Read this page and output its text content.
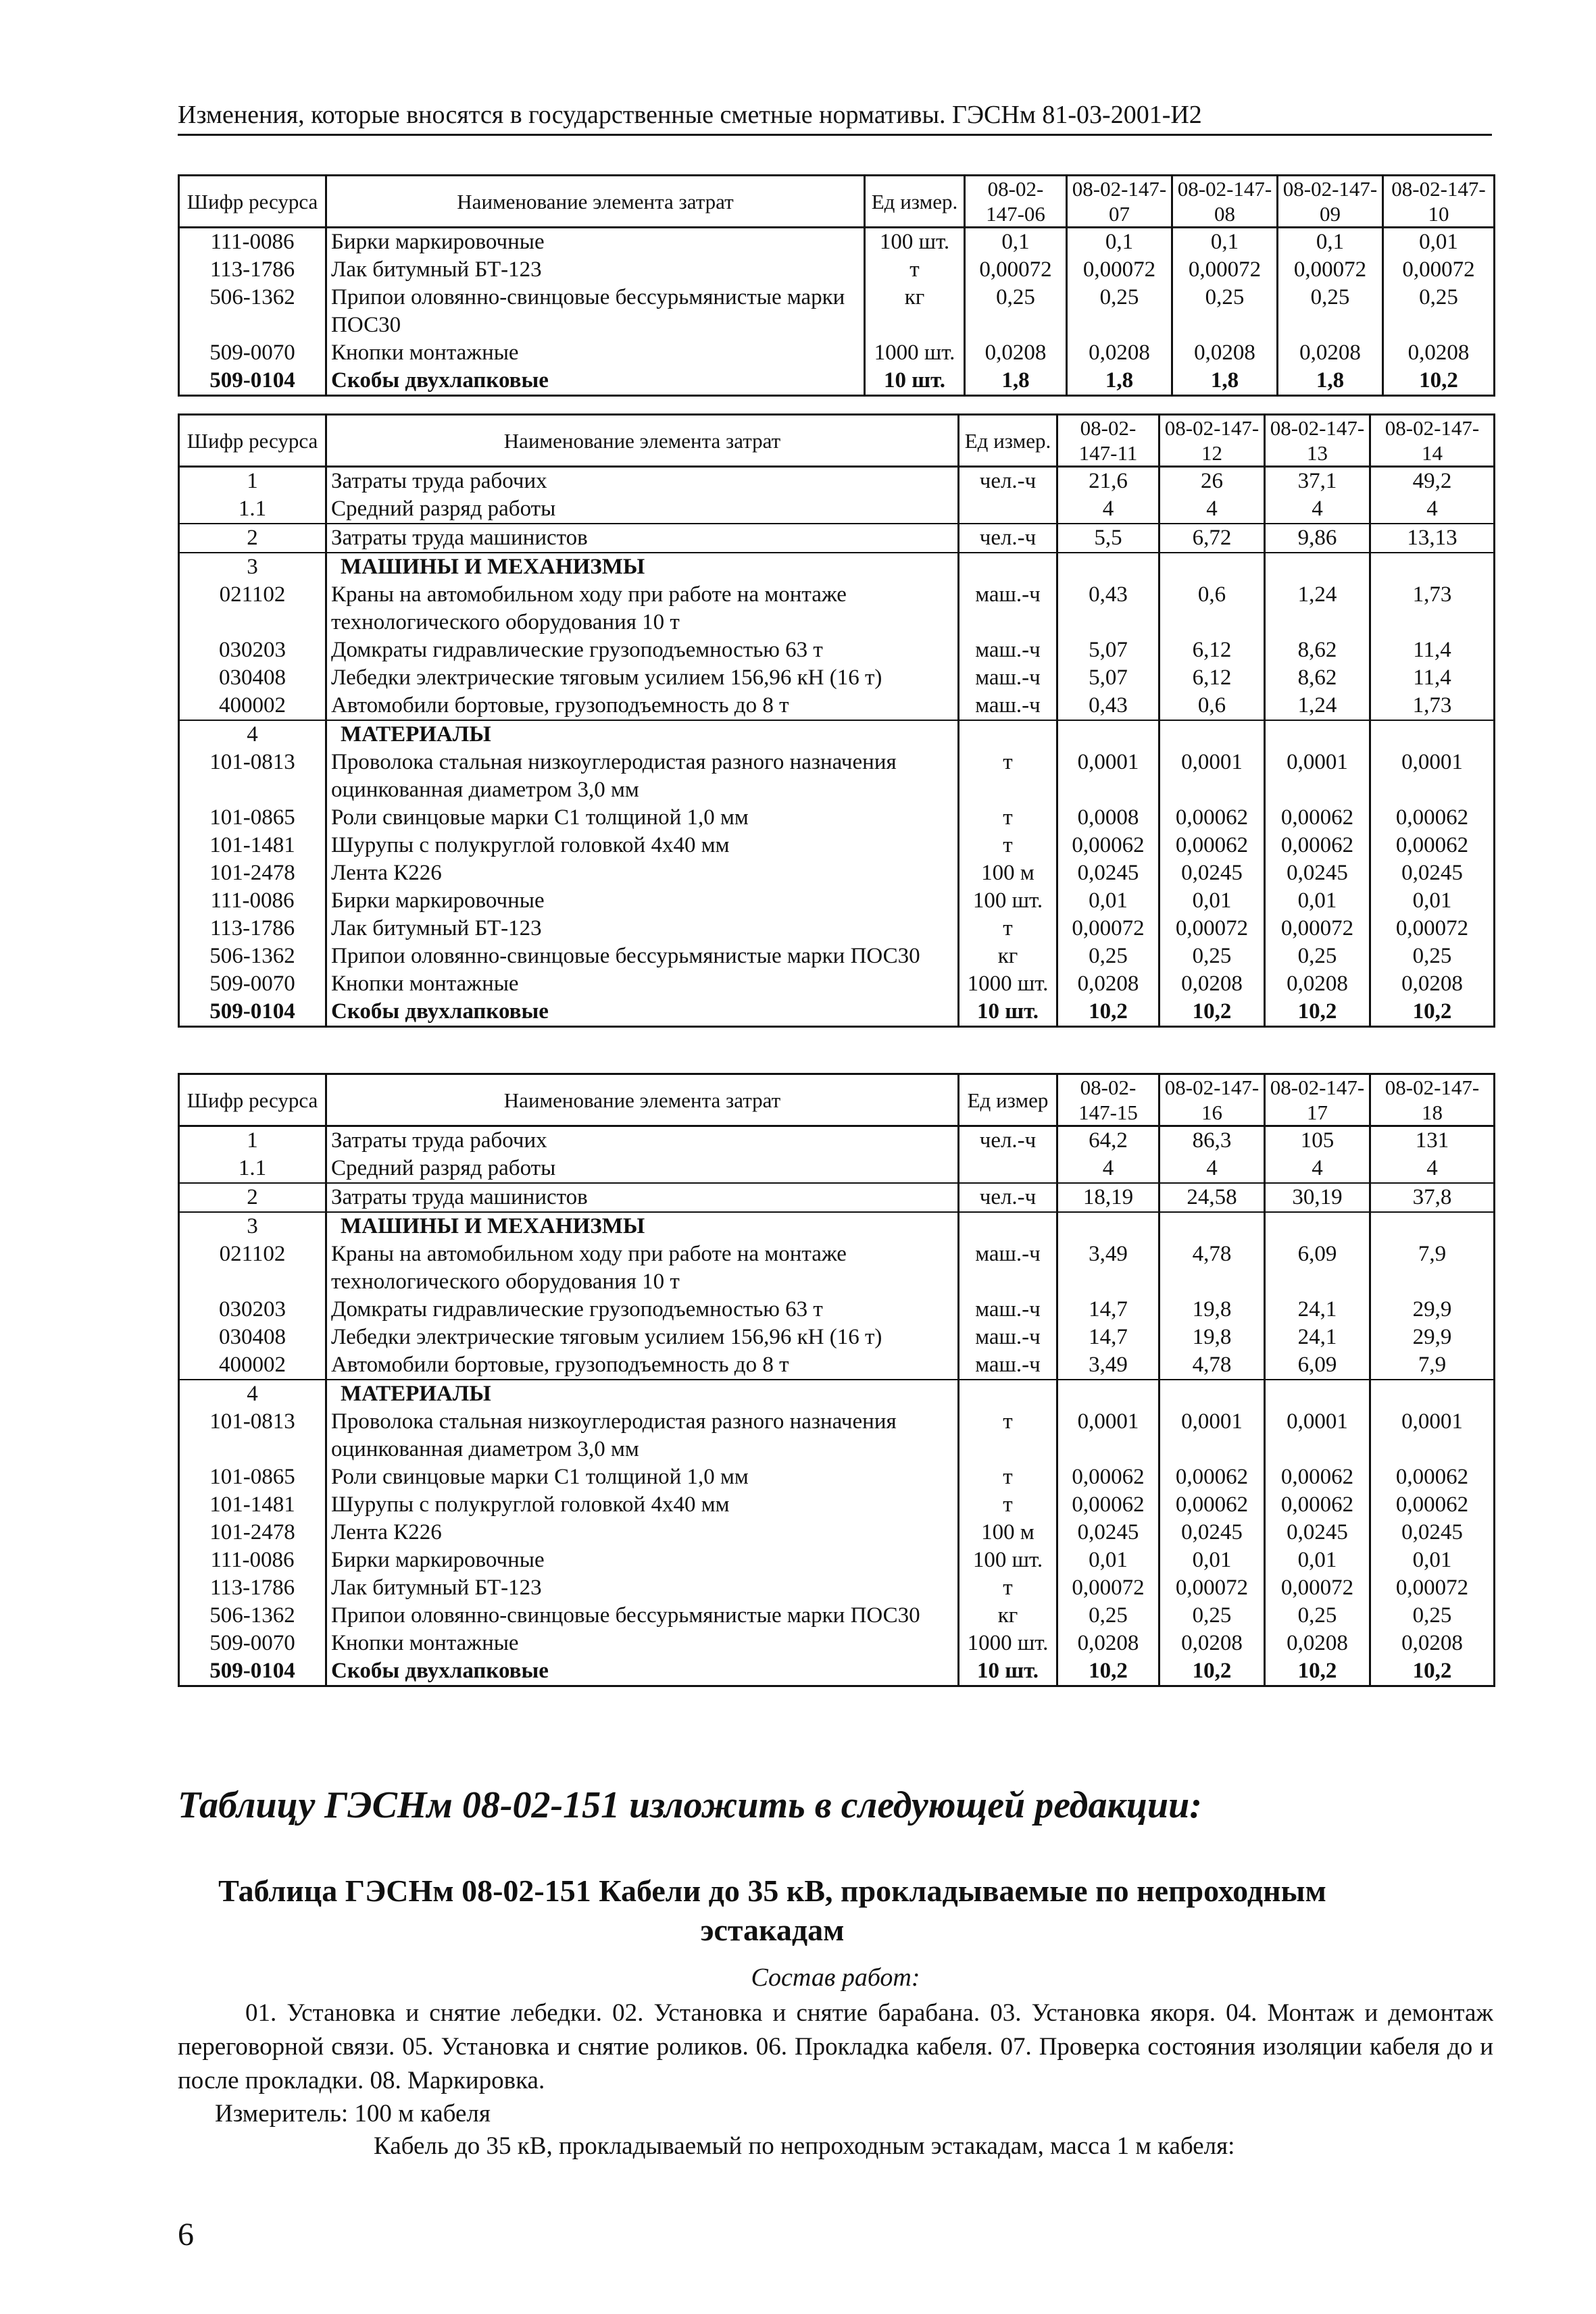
Изменения, которые вносятся в государственные сметные нормативы. ГЭСНм 81-03-2001-И2
Шифр ресурса	Наименование элемента затрат	Ед измер.	08-02-147-06	08-02-147-07	08-02-147-08	08-02-147-09	08-02-147-10
111-0086	Бирки маркировочные	100 шт.	0,1	0,1	0,1	0,1	0,01
113-1786	Лак битумный БТ-123	т	0,00072	0,00072	0,00072	0,00072	0,00072
506-1362	Припои оловянно-свинцовые бессурьмянистые марки ПОС30	кг	0,25	0,25	0,25	0,25	0,25
509-0070	Кнопки монтажные	1000 шт.	0,0208	0,0208	0,0208	0,0208	0,0208
509-0104	Скобы двухлапковые	10 шт.	1,8	1,8	1,8	1,8	10,2
Шифр ресурса	Наименование элемента затрат	Ед измер.	08-02-147-11	08-02-147-12	08-02-147-13	08-02-147-14
1	Затраты труда рабочих	чел.-ч	21,6	26	37,1	49,2
1.1	Средний разряд работы		4	4	4	4
2	Затраты труда машинистов	чел.-ч	5,5	6,72	9,86	13,13
3	МАШИНЫ И МЕХАНИЗМЫ					
021102	Краны на автомобильном ходу при работе на монтаже технологического оборудования 10 т	маш.-ч	0,43	0,6	1,24	1,73
030203	Домкраты гидравлические грузоподъемностью 63 т	маш.-ч	5,07	6,12	8,62	11,4
030408	Лебедки электрические тяговым усилием 156,96 кН (16 т)	маш.-ч	5,07	6,12	8,62	11,4
400002	Автомобили бортовые, грузоподъемность до 8 т	маш.-ч	0,43	0,6	1,24	1,73
4	МАТЕРИАЛЫ					
101-0813	Проволока стальная низкоуглеродистая разного назначения оцинкованная диаметром 3,0 мм	т	0,0001	0,0001	0,0001	0,0001
101-0865	Роли свинцовые марки С1 толщиной 1,0 мм	т	0,0008	0,00062	0,00062	0,00062
101-1481	Шурупы с полукруглой головкой 4х40 мм	т	0,00062	0,00062	0,00062	0,00062
101-2478	Лента К226	100 м	0,0245	0,0245	0,0245	0,0245
111-0086	Бирки маркировочные	100 шт.	0,01	0,01	0,01	0,01
113-1786	Лак битумный БТ-123	т	0,00072	0,00072	0,00072	0,00072
506-1362	Припои оловянно-свинцовые бессурьмянистые марки ПОС30	кг	0,25	0,25	0,25	0,25
509-0070	Кнопки монтажные	1000 шт.	0,0208	0,0208	0,0208	0,0208
509-0104	Скобы двухлапковые	10 шт.	10,2	10,2	10,2	10,2
Шифр ресурса	Наименование элемента затрат	Ед измер	08-02-147-15	08-02-147-16	08-02-147-17	08-02-147-18
1	Затраты труда рабочих	чел.-ч	64,2	86,3	105	131
1.1	Средний разряд работы		4	4	4	4
2	Затраты труда машинистов	чел.-ч	18,19	24,58	30,19	37,8
3	МАШИНЫ И МЕХАНИЗМЫ					
021102	Краны на автомобильном ходу при работе на монтаже технологического оборудования 10 т	маш.-ч	3,49	4,78	6,09	7,9
030203	Домкраты гидравлические грузоподъемностью 63 т	маш.-ч	14,7	19,8	24,1	29,9
030408	Лебедки электрические тяговым усилием 156,96 кН (16 т)	маш.-ч	14,7	19,8	24,1	29,9
400002	Автомобили бортовые, грузоподъемность до 8 т	маш.-ч	3,49	4,78	6,09	7,9
4	МАТЕРИАЛЫ					
101-0813	Проволока стальная низкоуглеродистая разного назначения оцинкованная диаметром 3,0 мм	т	0,0001	0,0001	0,0001	0,0001
101-0865	Роли свинцовые марки С1 толщиной 1,0 мм	т	0,00062	0,00062	0,00062	0,00062
101-1481	Шурупы с полукруглой головкой 4х40 мм	т	0,00062	0,00062	0,00062	0,00062
101-2478	Лента К226	100 м	0,0245	0,0245	0,0245	0,0245
111-0086	Бирки маркировочные	100 шт.	0,01	0,01	0,01	0,01
113-1786	Лак битумный БТ-123	т	0,00072	0,00072	0,00072	0,00072
506-1362	Припои оловянно-свинцовые бессурьмянистые марки ПОС30	кг	0,25	0,25	0,25	0,25
509-0070	Кнопки монтажные	1000 шт.	0,0208	0,0208	0,0208	0,0208
509-0104	Скобы двухлапковые	10 шт.	10,2	10,2	10,2	10,2
Таблицу ГЭСНм 08-02-151 изложить в следующей редакции:
Таблица ГЭСНм 08-02-151 Кабели до 35 кВ, прокладываемые по непроходным эстакадам
Состав работ:
01. Установка и снятие лебедки. 02. Установка и снятие барабана. 03. Установка якоря. 04. Монтаж и демонтаж переговорной связи. 05. Установка и снятие роликов. 06. Прокладка кабеля. 07. Проверка состояния изоляции кабеля до и после прокладки. 08. Маркировка.
Измеритель: 100 м кабеля
Кабель до 35 кВ, прокладываемый по непроходным эстакадам, масса 1 м кабеля:
6
